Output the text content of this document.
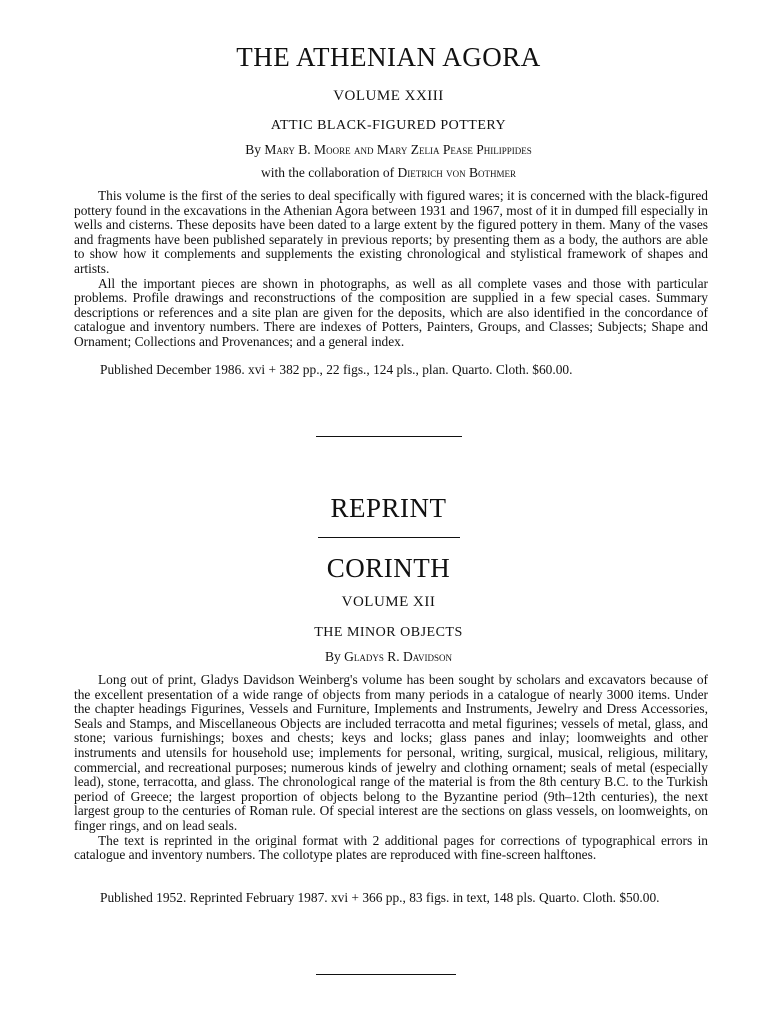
THE ATHENIAN AGORA
VOLUME XXIII
ATTIC BLACK-FIGURED POTTERY
By Mary B. Moore and Mary Zelia Pease Philippides
with the collaboration of Dietrich von Bothmer

This volume is the first of the series to deal specifically with figured wares; it is concerned with the black-figured pottery found in the excavations in the Athenian Agora between 1931 and 1967, most of it in dumped fill especially in wells and cisterns. These deposits have been dated to a large extent by the figured pottery in them. Many of the vases and fragments have been published separately in previous reports; by presenting them as a body, the authors are able to show how it complements and supplements the existing chronological and stylistical framework of shapes and artists.

All the important pieces are shown in photographs, as well as all complete vases and those with particular problems. Profile drawings and reconstructions of the composition are supplied in a few special cases. Summary descriptions or references and a site plan are given for the deposits, which are also identified in the concordance of catalogue and inventory numbers. There are indexes of Potters, Painters, Groups, and Classes; Subjects; Shape and Ornament; Collections and Provenances; and a general index.

Published December 1986. xvi + 382 pp., 22 figs., 124 pls., plan. Quarto. Cloth. $60.00.
REPRINT
CORINTH
VOLUME XII
THE MINOR OBJECTS
By Gladys R. Davidson

Long out of print, Gladys Davidson Weinberg's volume has been sought by scholars and excavators because of the excellent presentation of a wide range of objects from many periods in a catalogue of nearly 3000 items. Under the chapter headings Figurines, Vessels and Furniture, Implements and Instruments, Jewelry and Dress Accessories, Seals and Stamps, and Miscellaneous Objects are included terracotta and metal figurines; vessels of metal, glass, and stone; various furnishings; boxes and chests; keys and locks; glass panes and inlay; loomweights and other instruments and utensils for household use; implements for personal, writing, surgical, musical, religious, military, commercial, and recreational purposes; numerous kinds of jewelry and clothing ornament; seals of metal (especially lead), stone, terracotta, and glass. The chronological range of the material is from the 8th century B.C. to the Turkish period of Greece; the largest proportion of objects belong to the Byzantine period (9th–12th centuries), the next largest group to the centuries of Roman rule. Of special interest are the sections on glass vessels, on loomweights, on finger rings, and on lead seals.

The text is reprinted in the original format with 2 additional pages for corrections of typographical errors in catalogue and inventory numbers. The collotype plates are reproduced with fine-screen halftones.

Published 1952. Reprinted February 1987. xvi + 366 pp., 83 figs. in text, 148 pls. Quarto. Cloth. $50.00.
